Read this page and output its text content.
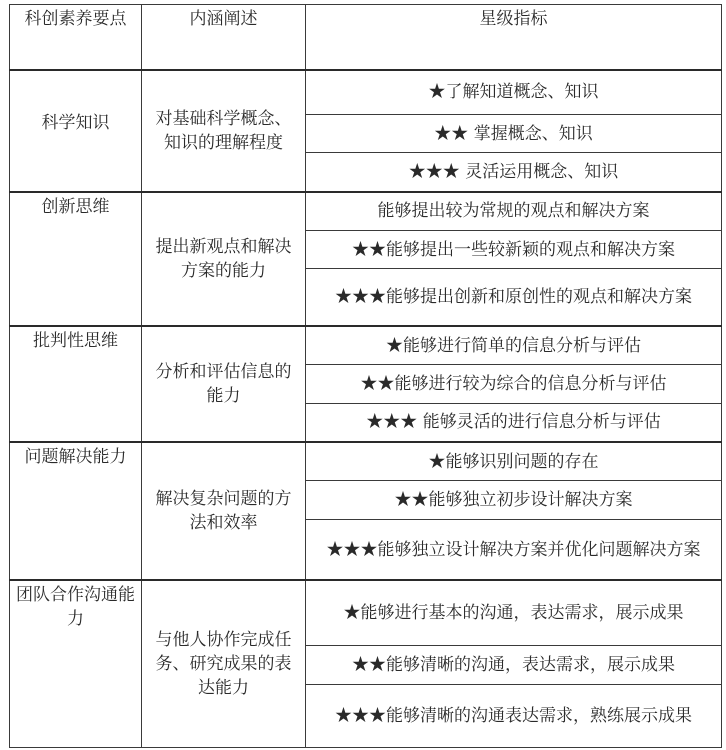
科创素养要点	内涵阐述	星级指标
科学知识	对基础科学概念、知识的理解程度	★了解知道概念、知识
		★★ 掌握概念、知识
		★★★ 灵活运用概念、知识
创新思维	提出新观点和解决方案的能力	能够提出较为常规的观点和解决方案
		★★能够提出一些较新颖的观点和解决方案
		★★★能够提出创新和原创性的观点和解决方案
批判性思维	分析和评估信息的能力	★能够进行简单的信息分析与评估
		★★能够进行较为综合的信息分析与评估
		★★★ 能够灵活的进行信息分析与评估
问题解决能力	解决复杂问题的方法和效率	★能够识别问题的存在
		★★能够独立初步设计解决方案
		★★★能够独立设计解决方案并优化问题解决方案
团队合作沟通能力	与他人协作完成任务、研究成果的表达能力	★能够进行基本的沟通，表达需求，展示成果
		★★能够清晰的沟通，表达需求，展示成果
		★★★能够清晰的沟通表达需求，熟练展示成果
